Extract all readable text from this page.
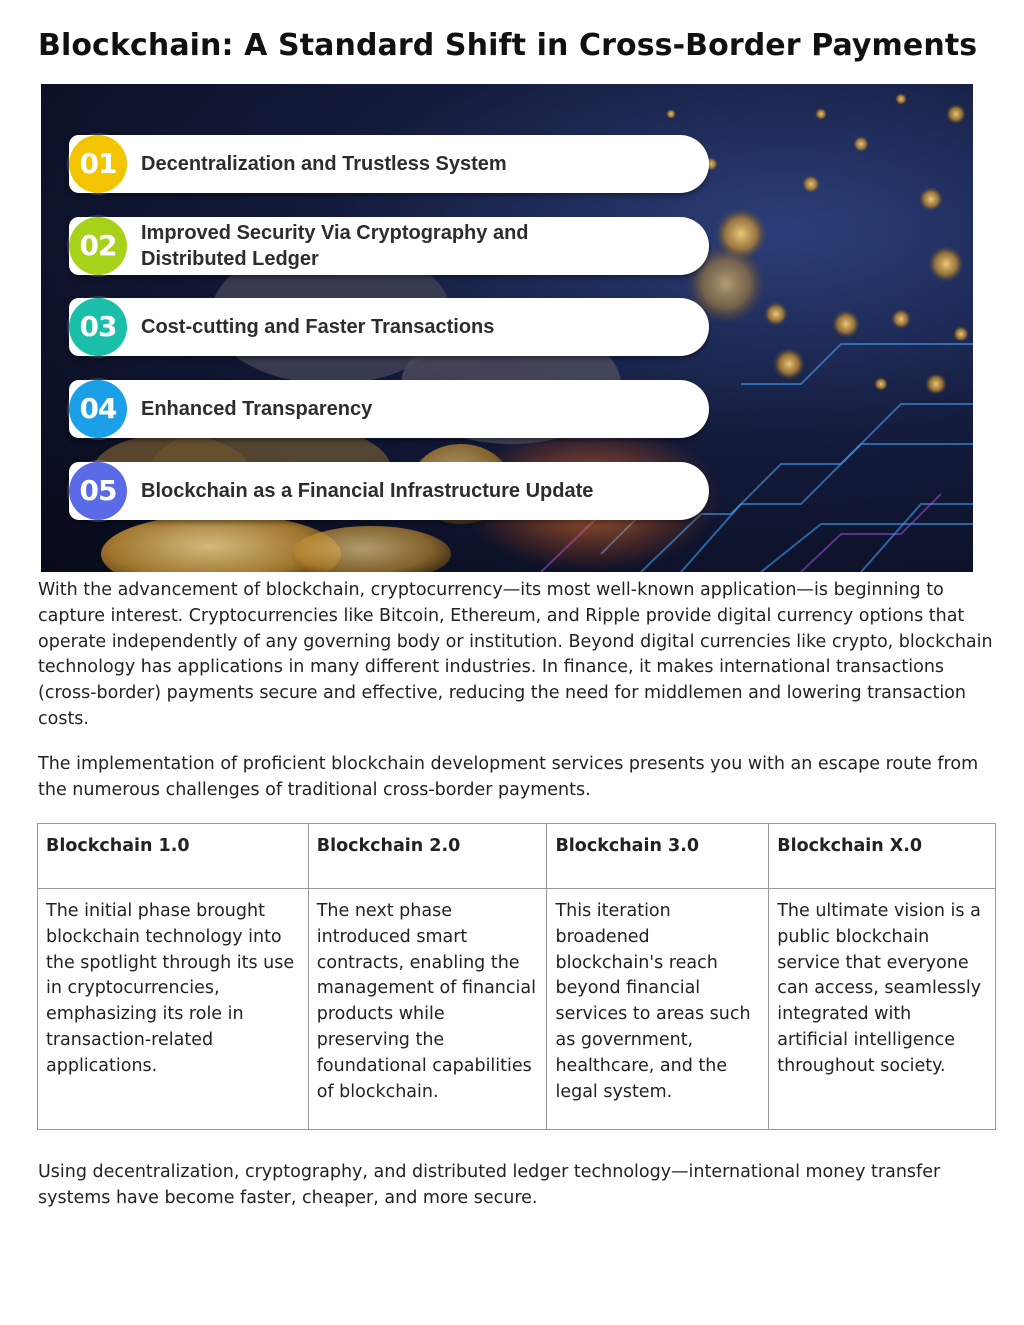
Blockchain: A Standard Shift in Cross-Border Payments
01	Decentralization and Trustless System
02	Improved Security Via Cryptography and Distributed Ledger
03	Cost-cutting and Faster Transactions
04	Enhanced Transparency
05	Blockchain as a Financial Infrastructure Update

With the advancement of blockchain, cryptocurrency—its most well-known application—is beginning to capture interest. Cryptocurrencies like Bitcoin, Ethereum, and Ripple provide digital currency options that operate independently of any governing body or institution. Beyond digital currencies like crypto, blockchain technology has applications in many different industries. In finance, it makes international transactions (cross-border) payments secure and effective, reducing the need for middlemen and lowering transaction costs.

The implementation of proficient blockchain development services presents you with an escape route from the numerous challenges of traditional cross-border payments.

Blockchain 1.0	Blockchain 2.0	Blockchain 3.0	Blockchain X.0
The initial phase brought blockchain technology into the spotlight through its use in cryptocurrencies, emphasizing its role in transaction-related applications.	The next phase introduced smart contracts, enabling the management of financial products while preserving the foundational capabilities of blockchain.	This iteration broadened blockchain's reach beyond financial services to areas such as government, healthcare, and the legal system.	The ultimate vision is a public blockchain service that everyone can access, seamlessly integrated with artificial intelligence throughout society.

Using decentralization, cryptography, and distributed ledger technology—international money transfer systems have become faster, cheaper, and more secure.
